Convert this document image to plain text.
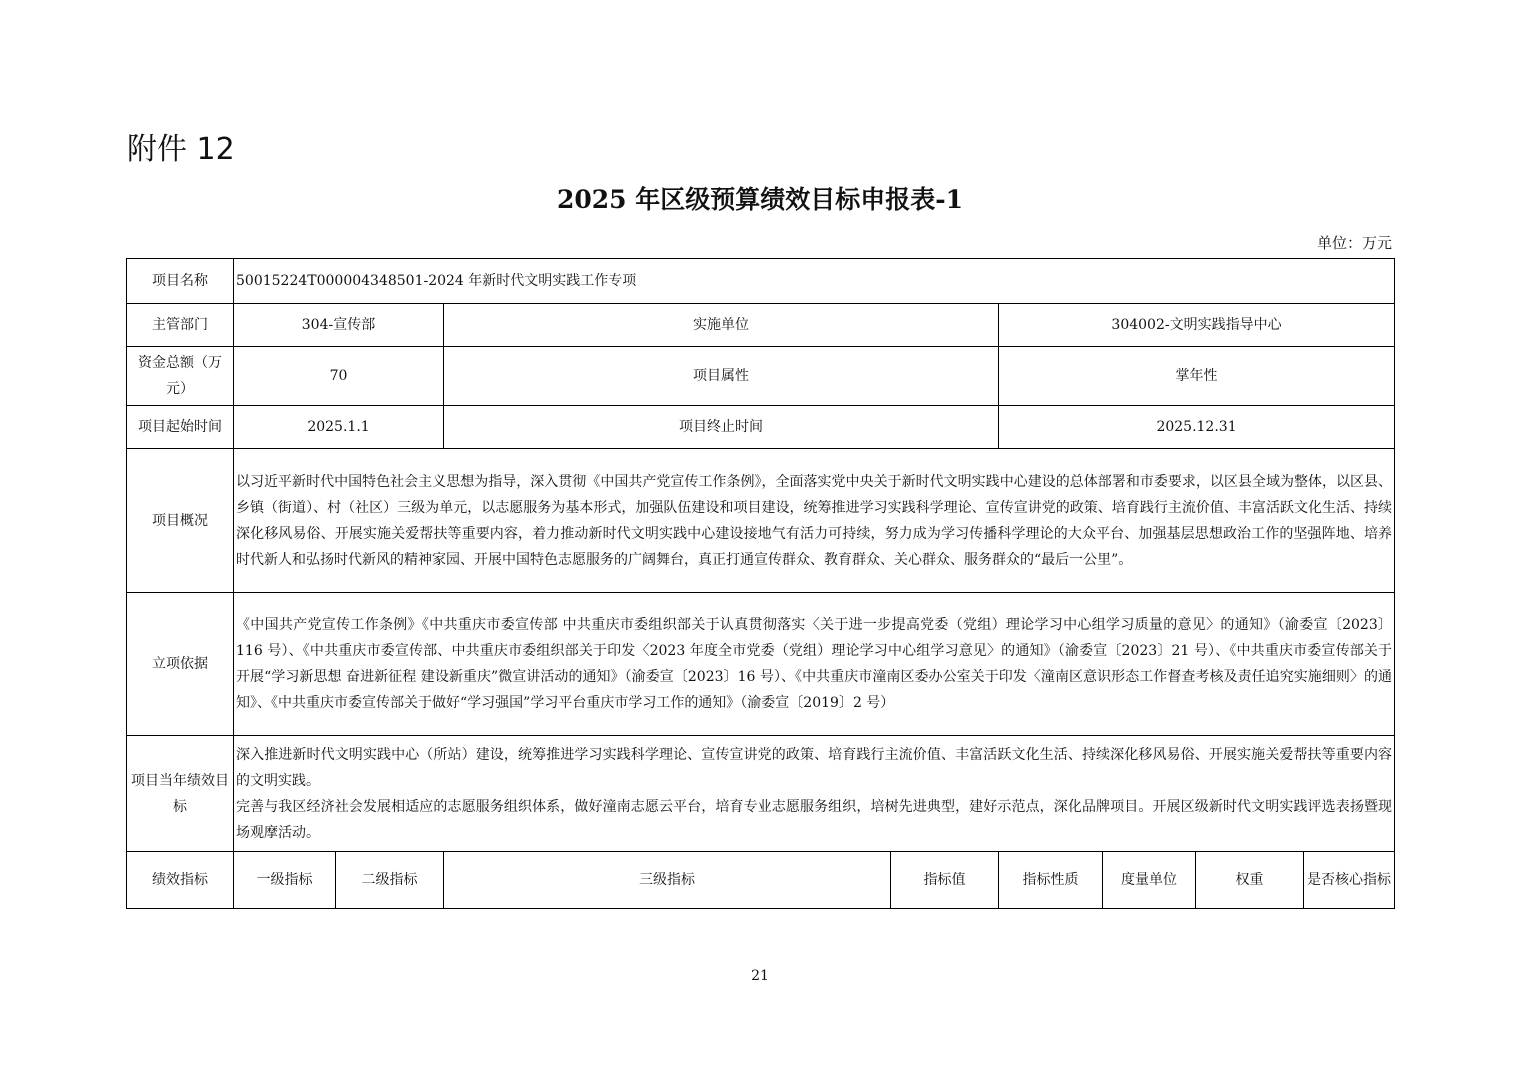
附件 12
2025 年区级预算绩效目标申报表-1
单位：万元
项目名称	50015224T000004348501-2024 年新时代文明实践工作专项							
主管部门	304-宣传部		实施单位		304002-文明实践指导中心			
资金总额（万元）	70		项目属性		掌年性			
项目起始时间	2025.1.1		项目终止时间		2025.12.31			
项目概况	以习近平新时代中国特色社会主义思想为指导，深入贯彻《中国共产党宣传工作条例》，全面落实党中央关于新时代文明实践中心建设的总体部署和市委要求，以区县全域为整体，以区县、乡镇（街道）、村（社区）三级为单元，以志愿服务为基本形式，加强队伍建设和项目建设，统筹推进学习实践科学理论、宣传宣讲党的政策、培育践行主流价值、丰富活跃文化生活、持续深化移风易俗、开展实施关爱帮扶等重要内容，着力推动新时代文明实践中心建设接地气有活力可持续，努力成为学习传播科学理论的大众平台、加强基层思想政治工作的坚强阵地、培养时代新人和弘扬时代新风的精神家园、开展中国特色志愿服务的广阔舞台，真正打通宣传群众、教育群众、关心群众、服务群众的“最后一公里”。							
立项依据	《中国共产党宣传工作条例》《中共重庆市委宣传部 中共重庆市委组织部关于认真贯彻落实〈关于进一步提高党委（党组）理论学习中心组学习质量的意见〉的通知》（渝委宣〔2023〕116 号）、《中共重庆市委宣传部、中共重庆市委组织部关于印发〈2023 年度全市党委（党组）理论学习中心组学习意见〉的通知》（渝委宣〔2023〕21 号）、《中共重庆市委宣传部关于开展“学习新思想 奋进新征程 建设新重庆”微宣讲活动的通知》（渝委宣〔2023〕16 号）、《中共重庆市潼南区委办公室关于印发〈潼南区意识形态工作督查考核及责任追究实施细则〉的通知》、《中共重庆市委宣传部关于做好“学习强国”学习平台重庆市学习工作的通知》（渝委宣〔2019〕2 号）							
项目当年绩效目标	深入推进新时代文明实践中心（所站）建设，统筹推进学习实践科学理论、宣传宣讲党的政策、培育践行主流价值、丰富活跃文化生活、持续深化移风易俗、开展实施关爱帮扶等重要内容的文明实践。
完善与我区经济社会发展相适应的志愿服务组织体系，做好潼南志愿云平台，培育专业志愿服务组织，培树先进典型，建好示范点，深化品牌项目。开展区级新时代文明实践评选表扬暨现场观摩活动。							

绩效指标	一级指标	二级指标	三级指标	指标值	指标性质	度量单位	权重	是否核心指标
21
